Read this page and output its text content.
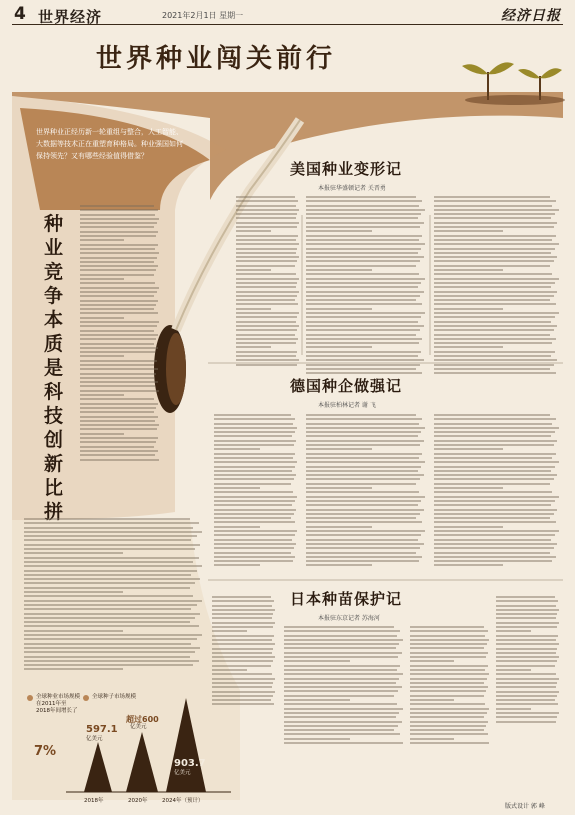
4 世界经济	2021年2月1日 星期一	经济日报
世界种业闯关前行
世界种业正经历新一轮重组与整合，人工智能、大数据等技术正在重塑育种格局。种业强国如何保持领先？又有哪些经验值得借鉴？
种业竞争本质是科技创新比拼
美国种业变形记
本报驻华盛顿记者 关晋勇
德国种企做强记
本报驻柏林记者 谢 飞
日本种苗保护记
本报驻东京记者 苏海河
全球种业市场规模在2011年至2018年间增长了
7%
全球种子市场规模
597.1
亿美元
2018年
超过600
亿美元
2020年
903.7
亿美元
2024年（预计）
版式设计 郭 峰
